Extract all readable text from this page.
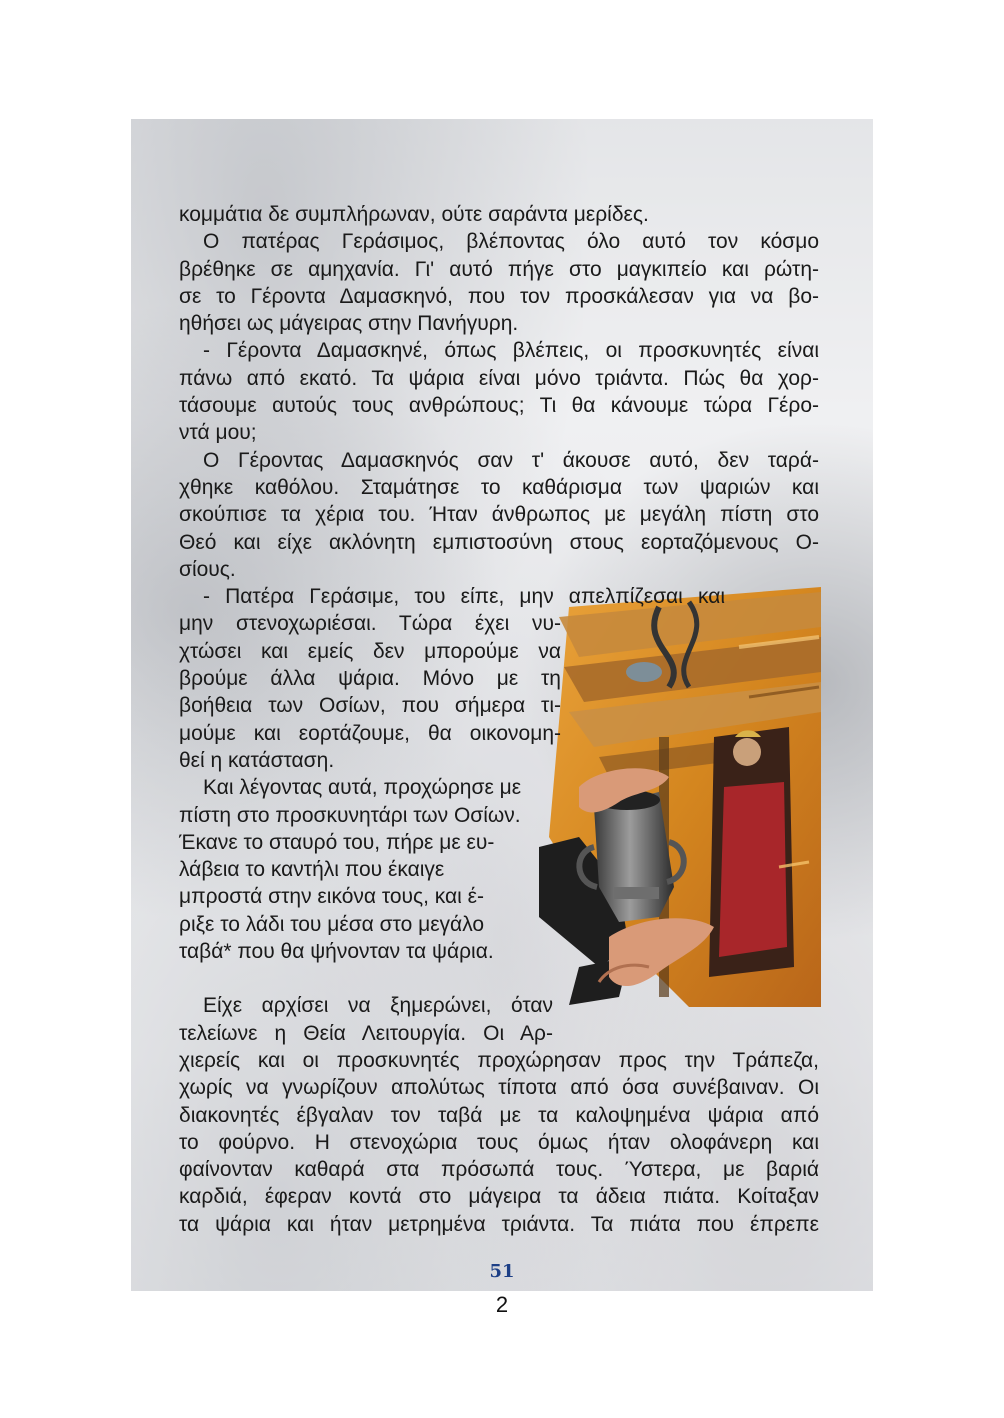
κομμάτια δε συμπλήρωναν, ούτε σαράντα μερίδες.

Ο πατέρας Γεράσιμος, βλέποντας όλο αυτό τον κόσμο

βρέθηκε σε αμηχανία. Γι' αυτό πήγε στο μαγκιπείο και ρώτη-

σε το Γέροντα Δαμασκηνό, που τον προσκάλεσαν για να βο-

ηθήσει ως μάγειρας στην Πανήγυρη.

- Γέροντα Δαμασκηνέ, όπως βλέπεις, οι προσκυνητές είναι

πάνω από εκατό. Τα ψάρια είναι μόνο τριάντα. Πώς θα χορ-

τάσουμε αυτούς τους ανθρώπους; Τι θα κάνουμε τώρα Γέρο-

ντά μου;

Ο Γέροντας Δαμασκηνός σαν τ' άκουσε αυτό, δεν ταρά-

χθηκε καθόλου. Σταμάτησε το καθάρισμα των ψαριών και

σκούπισε τα χέρια του. Ήταν άνθρωπος με μεγάλη πίστη στο

Θεό και είχε ακλόνητη εμπιστοσύνη στους εορταζόμενους Ο-

σίους.

- Πατέρα Γεράσιμε, του είπε, μην απελπίζεσαι και

μην στενοχωριέσαι. Τώρα έχει νυ-

χτώσει και εμείς δεν μπορούμε να

βρούμε άλλα ψάρια. Μόνο με τη

βοήθεια των Οσίων, που σήμερα τι-

μούμε και εορτάζουμε, θα οικονομη-

θεί η κατάσταση.

Και λέγοντας αυτά, προχώρησε με

πίστη στο προσκυνητάρι των Οσίων.

Έκανε το σταυρό του, πήρε με ευ-

λάβεια το καντήλι που έκαιγε

μπροστά στην εικόνα τους, και έ-

ριξε το λάδι του μέσα στο μεγάλο

ταβά* που θα ψήνονταν τα ψάρια.

Είχε αρχίσει να ξημερώνει, όταν

τελείωνε η Θεία Λειτουργία. Οι Αρ-

χιερείς και οι προσκυνητές προχώρησαν προς την Τράπεζα,

χωρίς να γνωρίζουν απολύτως τίποτα από όσα συνέβαιναν. Οι

διακονητές έβγαλαν τον ταβά με τα καλοψημένα ψάρια από

το φούρνο. Η στενοχώρια τους όμως ήταν ολοφάνερη και

φαίνονταν καθαρά στα πρόσωπά τους. Ύστερα, με βαριά

καρδιά, έφεραν κοντά στο μάγειρα τα άδεια πιάτα. Κοίταξαν

τα ψάρια και ήταν μετρημένα τριάντα. Τα πιάτα που έπρεπε

51
2
